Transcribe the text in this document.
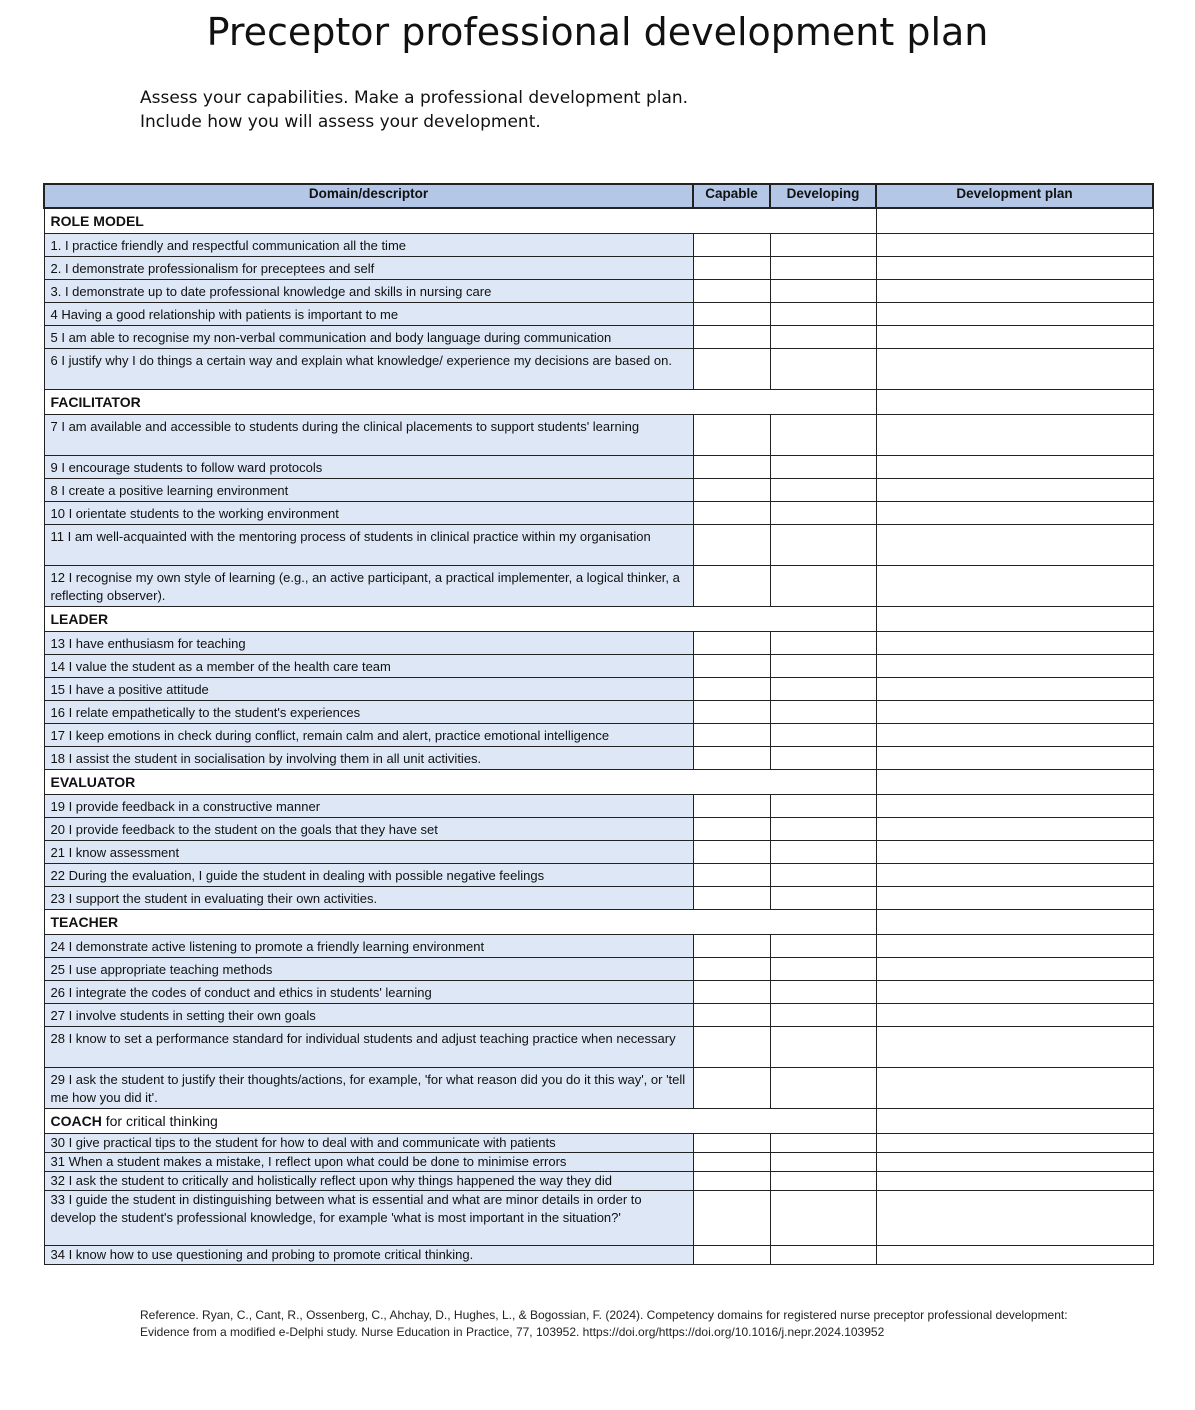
Preceptor professional development plan
Assess your capabilities. Make a professional development plan.
Include how you will assess your development.
Domain/descriptor	Capable	Developing	Development plan
ROLE MODEL			
1. I practice friendly and respectful communication all the time			
2. I demonstrate professionalism for preceptees and self			
3. I demonstrate up to date professional knowledge and skills in nursing care			
4 Having a good relationship with patients is important to me			
5 I am able to recognise my non-verbal communication and body language during communication			
6 I justify why I do things a certain way and explain what knowledge/ experience my decisions are based on.			
FACILITATOR			
7 I am available and accessible to students during the clinical placements to support students' learning			
9 I encourage students to follow ward protocols			
8 I create a positive learning environment			
10 I orientate students to the working environment			
11 I am well-acquainted with the mentoring process of students in clinical practice within my organisation			
12 I recognise my own style of learning (e.g., an active participant, a practical implementer, a logical thinker, a reflecting observer).			
LEADER			
13 I have enthusiasm for teaching			
14 I value the student as a member of the health care team			
15 I have a positive attitude			
16 I relate empathetically to the student's experiences			
17 I keep emotions in check during conflict, remain calm and alert, practice emotional intelligence			
18 I assist the student in socialisation by involving them in all unit activities.			
EVALUATOR			
19 I provide feedback in a constructive manner			
20 I provide feedback to the student on the goals that they have set			
21 I know assessment			
22 During the evaluation, I guide the student in dealing with possible negative feelings			
23 I support the student in evaluating their own activities.			
TEACHER			
24 I demonstrate active listening to promote a friendly learning environment			
25 I use appropriate teaching methods			
26 I integrate the codes of conduct and ethics in students' learning			
27 I involve students in setting their own goals			
28 I know to set a performance standard for individual students and adjust teaching practice when necessary			
29 I ask the student to justify their thoughts/actions, for example, 'for what reason did you do it this way', or 'tell me how you did it'.			
COACH for critical thinking			
30 I give practical tips to the student for how to deal with and communicate with patients			
31 When a student makes a mistake, I reflect upon what could be done to minimise errors			
32 I ask the student to critically and holistically reflect upon why things happened the way they did			
33 I guide the student in distinguishing between what is essential and what are minor details in order to develop the student's professional knowledge, for example 'what is most important in the situation?'			
34 I know how to use questioning and probing to promote critical thinking.			
Reference. Ryan, C., Cant, R., Ossenberg, C., Ahchay, D., Hughes, L., & Bogossian, F. (2024). Competency domains for registered nurse preceptor professional development: Evidence from a modified e-Delphi study. Nurse Education in Practice, 77, 103952. https://doi.org/https://doi.org/10.1016/j.nepr.2024.103952
